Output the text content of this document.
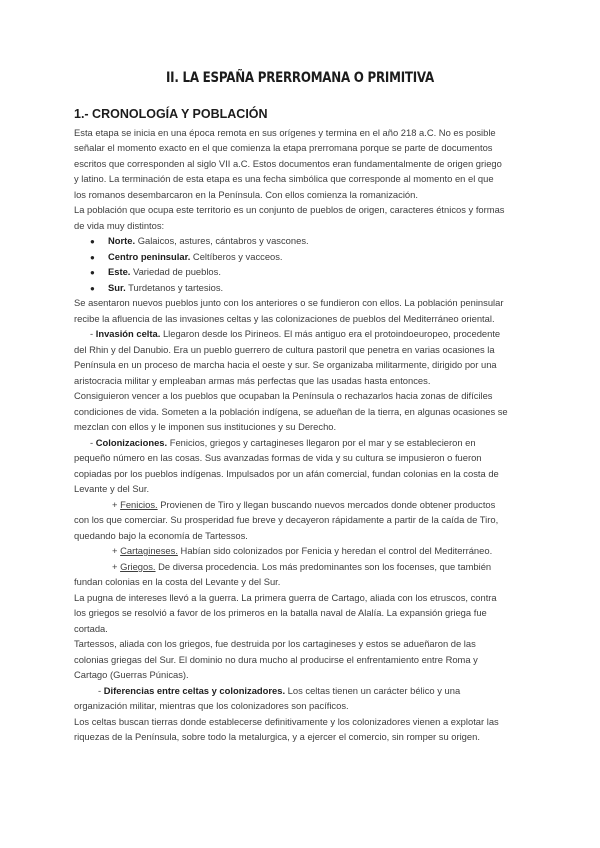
II. LA ESPAÑA PRERROMANA O PRIMITIVA
1.- CRONOLOGÍA Y POBLACIÓN
Esta etapa se inicia en una época remota en sus orígenes y termina en el año 218 a.C. No es posible
señalar el momento exacto en el que comienza la etapa prerromana porque se parte de documentos
escritos que corresponden al siglo VII a.C. Estos documentos eran fundamentalmente de origen griego
y latino. La terminación de esta etapa es una fecha simbólica que corresponde al momento en el que
los romanos desembarcaron en la Península. Con ellos comienza la romanización.
La población que ocupa este territorio es un conjunto de pueblos de origen, caracteres étnicos y formas
de vida muy distintos:
● Norte. Galaicos, astures, cántabros y vascones.
● Centro peninsular. Celtíberos y vacceos.
● Este. Variedad de pueblos.
● Sur. Turdetanos y tartesios.
Se asentaron nuevos pueblos junto con los anteriores o se fundieron con ellos. La población peninsular
recibe la afluencia de las invasiones celtas y las colonizaciones de pueblos del Mediterráneo oriental.
- Invasión celta. Llegaron desde los Pirineos. El más antiguo era el protoindoeuropeo, procedente
del Rhin y del Danubio. Era un pueblo guerrero de cultura pastoril que penetra en varias ocasiones la
Península en un proceso de marcha hacia el oeste y sur. Se organizaba militarmente, dirigido por una
aristocracia militar y empleaban armas más perfectas que las usadas hasta entonces.
Consiguieron vencer a los pueblos que ocupaban la Península o rechazarlos hacia zonas de difíciles
condiciones de vida. Someten a la población indígena, se adueñan de la tierra, en algunas ocasiones se
mezclan con ellos y le imponen sus instituciones y su Derecho.
- Colonizaciones. Fenicios, griegos y cartagineses llegaron por el mar y se establecieron en
pequeño número en las cosas. Sus avanzadas formas de vida y su cultura se impusieron o fueron
copiadas por los pueblos indígenas. Impulsados por un afán comercial, fundan colonias en la costa de
Levante y del Sur.
+ Fenicios. Provienen de Tiro y llegan buscando nuevos mercados donde obtener productos
con los que comerciar. Su prosperidad fue breve y decayeron rápidamente a partir de la caída de Tiro,
quedando bajo la economía de Tartessos.
+ Cartagineses. Habían sido colonizados por Fenicia y heredan el control del Mediterráneo.
+ Griegos. De diversa procedencia. Los más predominantes son los focenses, que también
fundan colonias en la costa del Levante y del Sur.
La pugna de intereses llevó a la guerra. La primera guerra de Cartago, aliada con los etruscos, contra
los griegos se resolvió a favor de los primeros en la batalla naval de Alalía. La expansión griega fue
cortada.
Tartessos, aliada con los griegos, fue destruida por los cartagineses y estos se adueñaron de las
colonias griegas del Sur. El dominio no dura mucho al producirse el enfrentamiento entre Roma y
Cartago (Guerras Púnicas).
- Diferencias entre celtas y colonizadores. Los celtas tienen un carácter bélico y una
organización militar, mientras que los colonizadores son pacíficos.
Los celtas buscan tierras donde establecerse definitivamente y los colonizadores vienen a explotar las
riquezas de la Península, sobre todo la metalurgica, y a ejercer el comercio, sin romper su origen.
